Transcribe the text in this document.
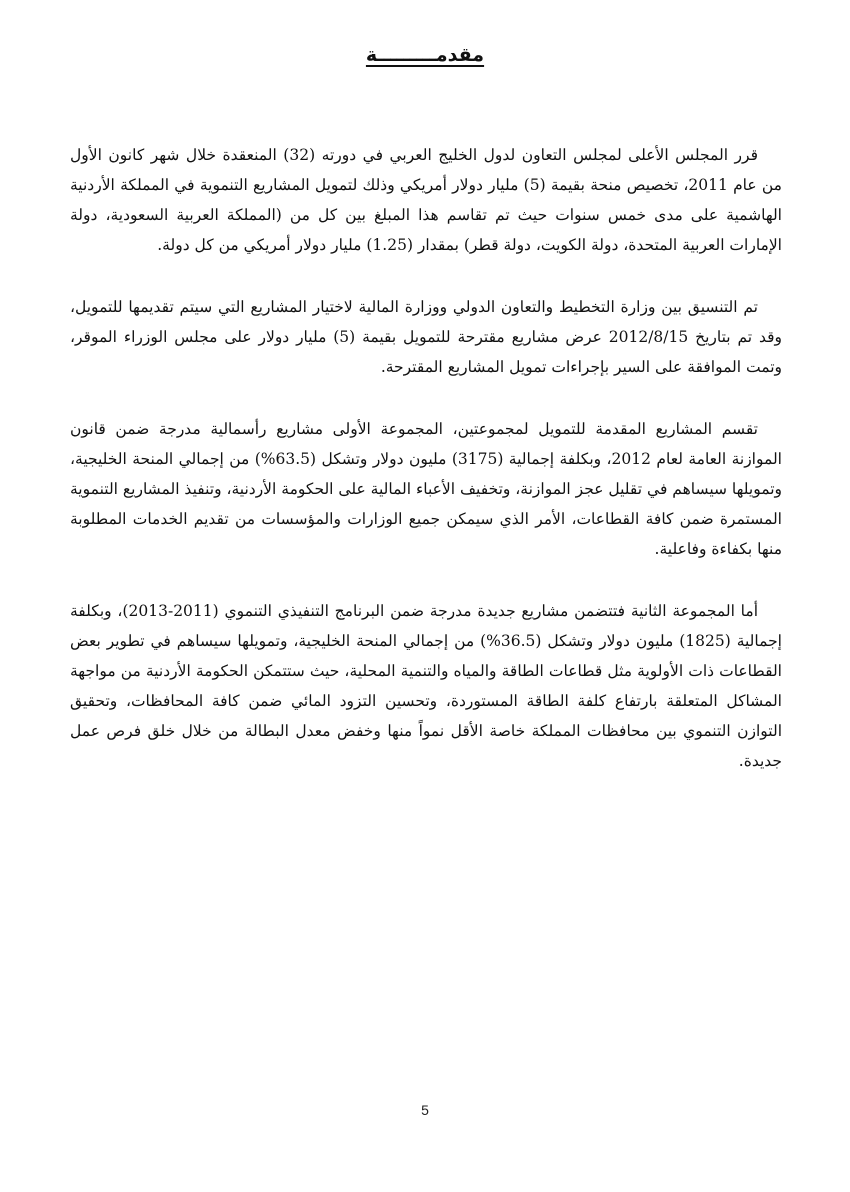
مقدمـــــــــة

قرر المجلس الأعلى لمجلس التعاون لدول الخليج العربي في دورته (32) المنعقدة خلال شهر كانون الأول من عام 2011، تخصيص منحة بقيمة (5) مليار دولار أمريكي وذلك لتمويل المشاريع التنموية في المملكة الأردنية الهاشمية على مدى خمس سنوات حيث تم تقاسم هذا المبلغ بين كل من (المملكة العربية السعودية، دولة الإمارات العربية المتحدة، دولة الكويت، دولة قطر) بمقدار (1.25) مليار دولار أمريكي من كل دولة.

تم التنسيق بين وزارة التخطيط والتعاون الدولي ووزارة المالية لاختيار المشاريع التي سيتم تقديمها للتمويل، وقد تم بتاريخ 2012/8/15 عرض مشاريع مقترحة للتمويل بقيمة (5) مليار دولار على مجلس الوزراء الموقر، وتمت الموافقة على السير بإجراءات تمويل المشاريع المقترحة.

تقسم المشاريع المقدمة للتمويل لمجموعتين، المجموعة الأولى مشاريع رأسمالية مدرجة ضمن قانون الموازنة العامة لعام 2012، وبكلفة إجمالية (3175) مليون دولار وتشكل (63.5%) من إجمالي المنحة الخليجية، وتمويلها سيساهم في تقليل عجز الموازنة، وتخفيف الأعباء المالية على الحكومة الأردنية، وتنفيذ المشاريع التنموية المستمرة ضمن كافة القطاعات، الأمر الذي سيمكن جميع الوزارات والمؤسسات من تقديم الخدمات المطلوبة منها بكفاءة وفاعلية.

أما المجموعة الثانية فتتضمن مشاريع جديدة مدرجة ضمن البرنامج التنفيذي التنموي (2011-2013)، وبكلفة إجمالية (1825) مليون دولار وتشكل (36.5%) من إجمالي المنحة الخليجية، وتمويلها سيساهم في تطوير بعض القطاعات ذات الأولوية مثل قطاعات الطاقة والمياه والتنمية المحلية، حيث ستتمكن الحكومة الأردنية من مواجهة المشاكل المتعلقة بارتفاع كلفة الطاقة المستوردة، وتحسين التزود المائي ضمن كافة المحافظات، وتحقيق التوازن التنموي بين محافظات المملكة خاصة الأقل نمواً منها وخفض معدل البطالة من خلال خلق فرص عمل جديدة.

5
